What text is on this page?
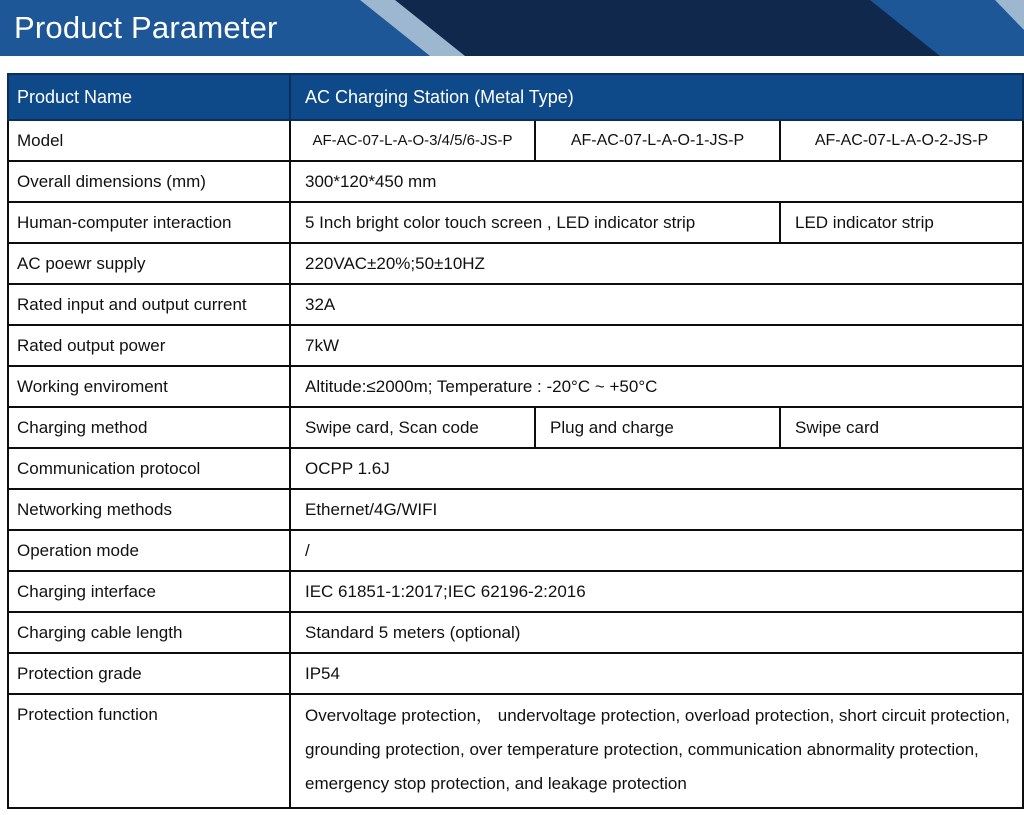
Product Parameter
Product Name	AC Charging Station (Metal Type)		
Model	AF-AC-07-L-A-O-3/4/5/6-JS-P	AF-AC-07-L-A-O-1-JS-P	AF-AC-07-L-A-O-2-JS-P
Overall dimensions (mm)	300*120*450 mm		
Human-computer interaction	5 Inch bright color touch screen , LED indicator strip		LED indicator strip
AC poewr supply	220VAC±20%;50±10HZ		
Rated input and output current	32A		
Rated output power	7kW		
Working enviroment	Altitude:≤2000m; Temperature : -20°C ~ +50°C		
Charging method	Swipe card, Scan code	Plug and charge	Swipe card
Communication protocol	OCPP 1.6J		
Networking methods	Ethernet/4G/WIFI		
Operation mode	/		
Charging interface	IEC 61851-1:2017;IEC 62196-2:2016		
Charging cable length	Standard 5 meters (optional)		
Protection grade	IP54		
Protection function	Overvoltage protection， undervoltage protection, overload protection, short circuit protection, grounding protection, over temperature protection, communication abnormality protection, emergency stop protection, and leakage protection		
